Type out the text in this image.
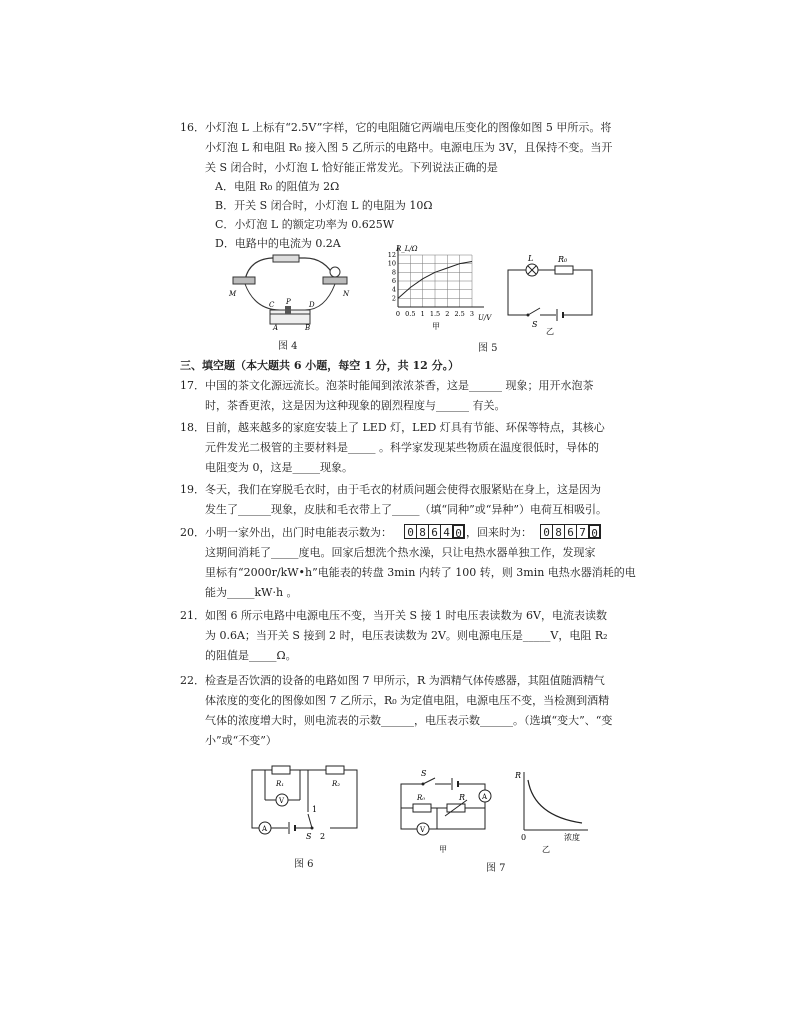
16．小灯泡 L 上标有“2.5V”字样，它的电阻随它两端电压变化的图像如图 5 甲所示。将
小灯泡 L 和电阻 R₀ 接入图 5 乙所示的电路中。电源电压为 3V，且保持不变。当开
关 S 闭合时，小灯泡 L 恰好能正常发光。下列说法正确的是
A．电阻 R₀ 的阻值为 2Ω
B．开关 S 闭合时，小灯泡 L 的电阻为 10Ω
C．小灯泡 L 的额定功率为 0.625W
D．电路中的电流为 0.2A
M	N
C P	D
A	B
图 4
R_L/Ω
U/V
甲
0 0.5 1 1.5 2 2.5 3
2
4
6
8
10
12	L	R₀
S
乙
图 5
三、填空题（本大题共 6 小题，每空 1 分，共 12 分。）
17．中国的茶文化源远流长。泡茶时能闻到浓浓茶香，这是______ 现象；用开水泡茶
时，茶香更浓，这是因为这种现象的剧烈程度与______ 有关。
18．目前，越来越多的家庭安装上了 LED 灯，LED 灯具有节能、环保等特点，其核心
元件发光二极管的主要材料是_____ 。科学家发现某些物质在温度很低时，导体的
电阻变为 0，这是_____现象。
19．冬天，我们在穿脱毛衣时，由于毛衣的材质问题会使得衣服紧贴在身上，这是因为
发生了______现象，皮肤和毛衣带上了_____（填“同种”或“异种”）电荷互相吸引。
20．小明一家外出，出门时电能表示数为： 0 8 6 4 0 ，回来时为： 0 8 6 7 0
这期间消耗了_____度电。回家后想洗个热水澡，只让电热水器单独工作，发现家
里标有“2000r/kW•h”电能表的转盘 3min 内转了 100 转，则 3min 电热水器消耗的电
能为_____kW·h 。
21．如图 6 所示电路中电源电压不变，当开关 S 接 1 时电压表读数为 6V，电流表读数
为 0.6A；当开关 S 接到 2 时，电压表读数为 2V。则电源电压是_____V，电阻 R₂
的阻值是_____Ω。
22．检查是否饮酒的设备的电路如图 7 甲所示，R 为酒精气体传感器，其阻值随酒精气
体浓度的变化的图像如图 7 乙所示，R₀ 为定值电阻，电源电压不变，当检测到酒精
气体的浓度增大时，则电流表的示数______，电压表示数______。（选填“变大”、“变
小”或“不变”）
R₁	R₂
V
A
1
S 2
图 6
S
R₀	R A
V
甲
R
0	浓度
乙
图 7
